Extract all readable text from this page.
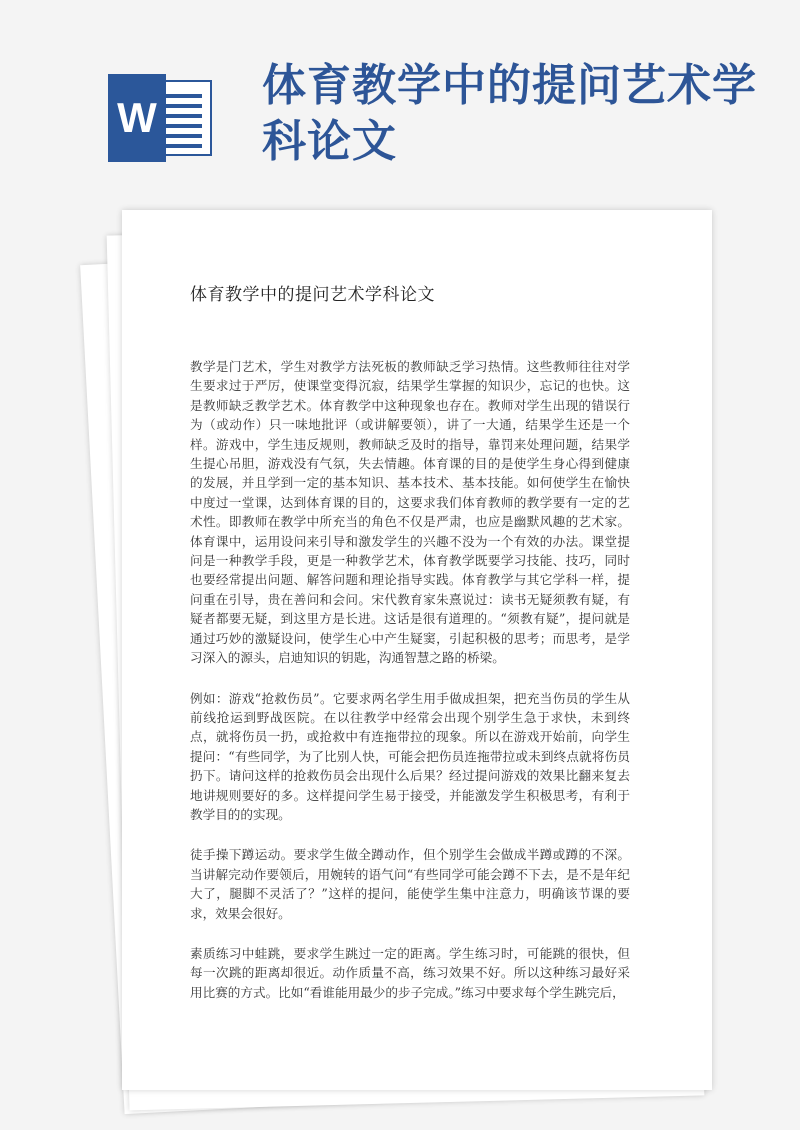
W
体育教学中的提问艺术学科论文
体育教学中的提问艺术学科论文

教学是门艺术，学生对教学方法死板的教师缺乏学习热情。这些教师往往对学生要求过于严厉，使课堂变得沉寂，结果学生掌握的知识少，忘记的也快。这是教师缺乏教学艺术。体育教学中这种现象也存在。教师对学生出现的错误行为（或动作）只一味地批评（或讲解要领），讲了一大通，结果学生还是一个样。游戏中，学生违反规则，教师缺乏及时的指导，靠罚来处理问题，结果学生提心吊胆，游戏没有气氛，失去情趣。体育课的目的是使学生身心得到健康的发展，并且学到一定的基本知识、基本技术、基本技能。如何使学生在愉快中度过一堂课，达到体育课的目的，这要求我们体育教师的教学要有一定的艺术性。即教师在教学中所充当的角色不仅是严肃，也应是幽默风趣的艺术家。体育课中，运用设问来引导和激发学生的兴趣不没为一个有效的办法。课堂提问是一种教学手段，更是一种教学艺术，体育教学既要学习技能、技巧，同时也要经常提出问题、解答问题和理论指导实践。体育教学与其它学科一样，提问重在引导，贵在善问和会问。宋代教育家朱熹说过：读书无疑须教有疑，有疑者都要无疑，到这里方是长进。这话是很有道理的。“须教有疑”，提问就是通过巧妙的激疑设问，使学生心中产生疑窦，引起积极的思考；而思考，是学习深入的源头，启迪知识的钥匙，沟通智慧之路的桥梁。

例如：游戏“抢救伤员”。它要求两名学生用手做成担架，把充当伤员的学生从前线抢运到野战医院。在以往教学中经常会出现个别学生急于求快，未到终点，就将伤员一扔，或抢救中有连拖带拉的现象。所以在游戏开始前，向学生提问：“有些同学，为了比别人快，可能会把伤员连拖带拉或未到终点就将伤员扔下。请问这样的抢救伤员会出现什么后果？经过提问游戏的效果比翻来复去地讲规则要好的多。这样提问学生易于接受，并能激发学生积极思考，有利于教学目的的实现。

徒手操下蹲运动。要求学生做全蹲动作，但个别学生会做成半蹲或蹲的不深。当讲解完动作要领后，用婉转的语气问“有些同学可能会蹲不下去，是不是年纪大了，腿脚不灵活了？”这样的提问，能使学生集中注意力，明确该节课的要求，效果会很好。

素质练习中蛙跳，要求学生跳过一定的距离。学生练习时，可能跳的很快，但每一次跳的距离却很近。动作质量不高，练习效果不好。所以这种练习最好采用比赛的方式。比如“看谁能用最少的步子完成。”练习中要求每个学生跳完后，
